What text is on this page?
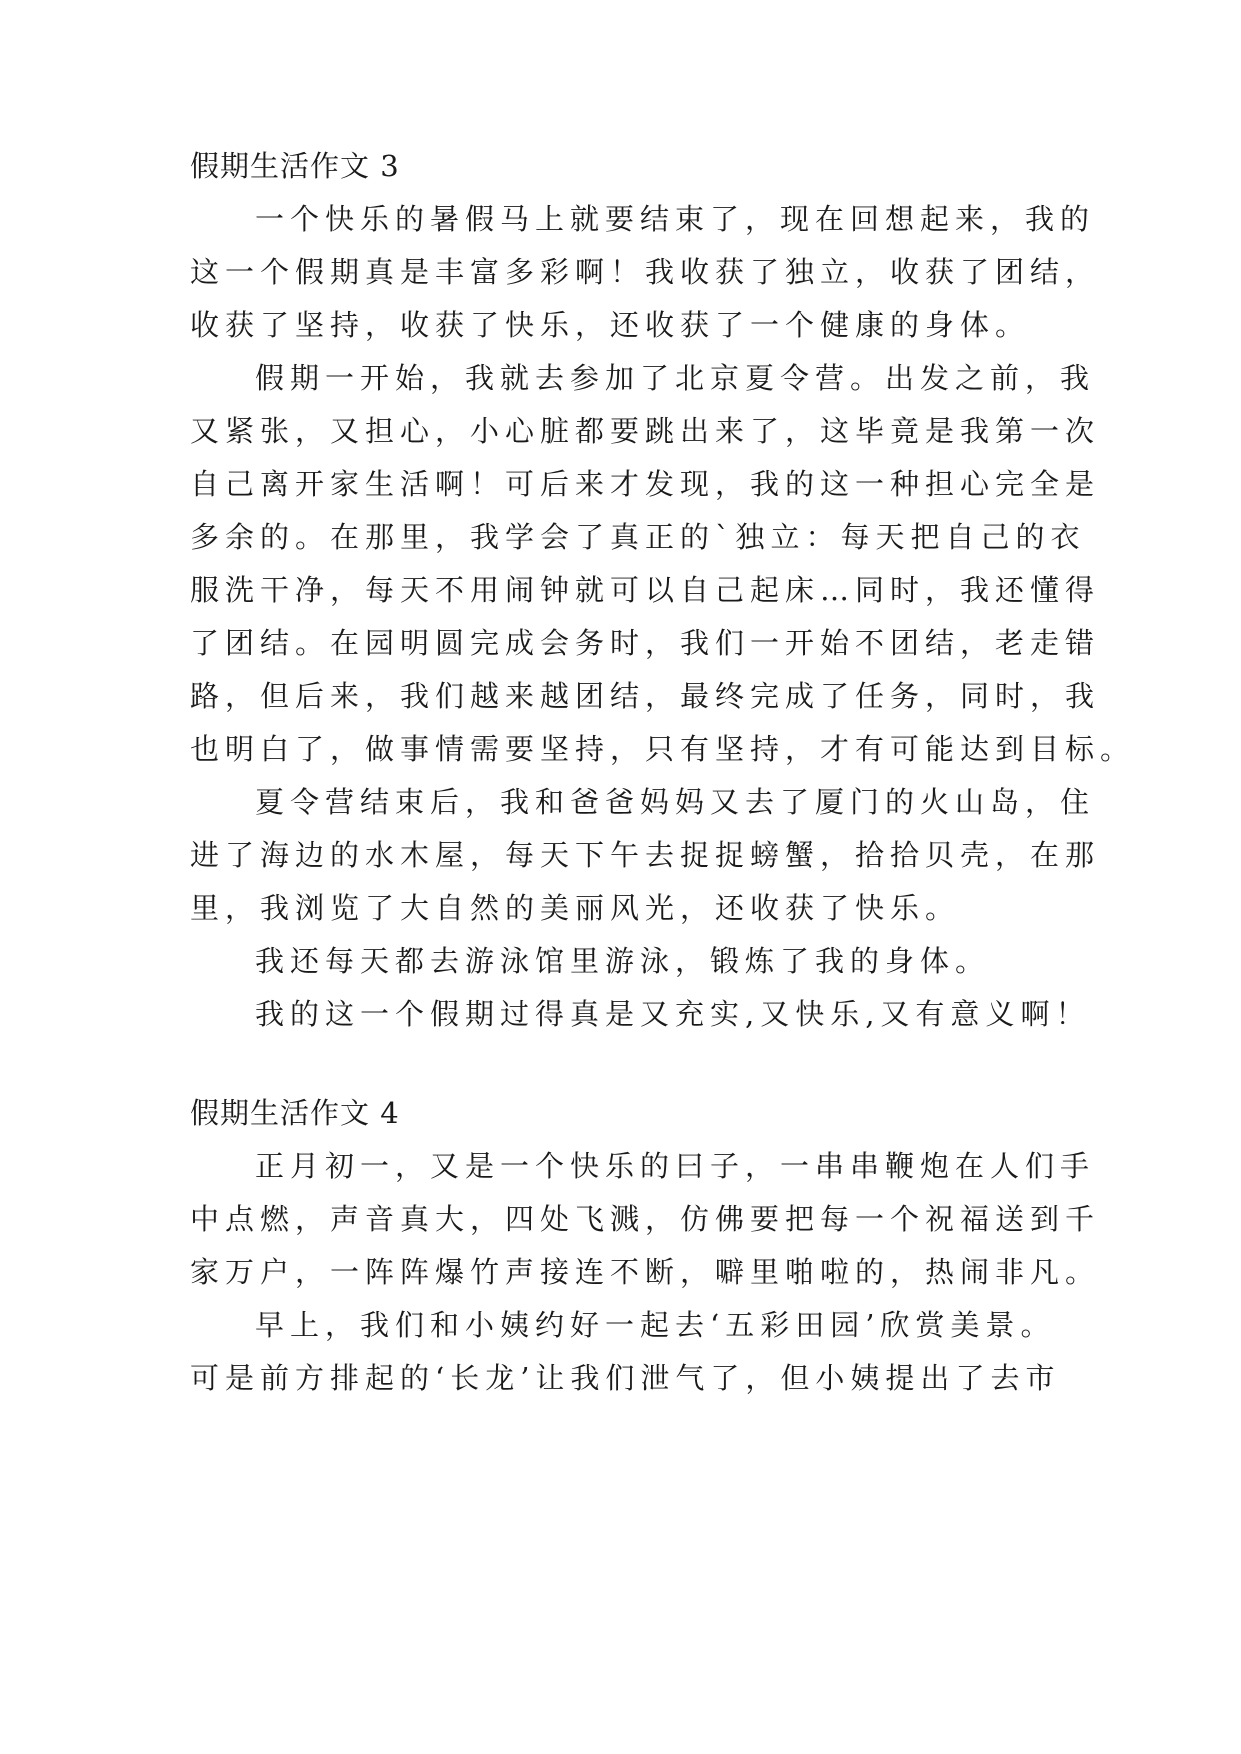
假期生活作文 3
一个快乐的暑假马上就要结束了，现在回想起来，我的
这一个假期真是丰富多彩啊！我收获了独立，收获了团结，
收获了坚持，收获了快乐，还收获了一个健康的身体。
假期一开始，我就去参加了北京夏令营。出发之前，我
又紧张，又担心，小心脏都要跳出来了，这毕竟是我第一次
自己离开家生活啊！可后来才发现，我的这一种担心完全是
多余的。在那里，我学会了真正的`独立：每天把自己的衣
服洗干净，每天不用闹钟就可以自己起床…同时，我还懂得
了团结。在园明圆完成会务时，我们一开始不团结，老走错
路，但后来，我们越来越团结，最终完成了任务，同时，我
也明白了，做事情需要坚持，只有坚持，才有可能达到目标。
夏令营结束后，我和爸爸妈妈又去了厦门的火山岛，住
进了海边的水木屋，每天下午去捉捉螃蟹，拾拾贝壳，在那
里，我浏览了大自然的美丽风光，还收获了快乐。
我还每天都去游泳馆里游泳，锻炼了我的身体。
我的这一个假期过得真是又充实,又快乐,又有意义啊！
假期生活作文 4
正月初一，又是一个快乐的曰子，一串串鞭炮在人们手
中点燃，声音真大，四处飞溅，仿佛要把每一个祝福送到千
家万户，一阵阵爆竹声接连不断，噼里啪啦的，热闹非凡。
早上，我们和小姨约好一起去‘五彩田园’欣赏美景。
可是前方排起的‘长龙’让我们泄气了，但小姨提出了去市
